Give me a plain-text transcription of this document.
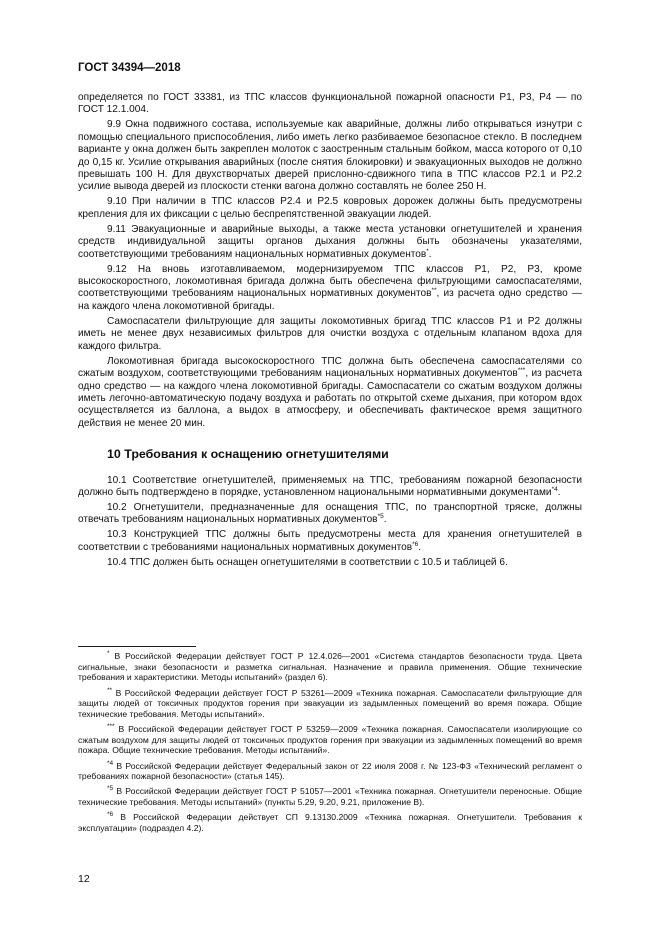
ГОСТ 34394—2018

определяется по ГОСТ 33381, из ТПС классов функциональной пожарной опасности Р1, Р3, Р4 — по ГОСТ 12.1.004.

9.9 Окна подвижного состава, используемые как аварийные, должны либо открываться изнутри с помощью специального приспособления, либо иметь легко разбиваемое безопасное стекло. В последнем варианте у окна должен быть закреплен молоток с заостренным стальным бойком, масса которого от 0,10 до 0,15 кг. Усилие открывания аварийных (после снятия блокировки) и эвакуационных выходов не должно превышать 100 Н. Для двухстворчатых дверей прислонно-сдвижного типа в ТПС классов Р2.1 и Р2.2 усилие вывода дверей из плоскости стенки вагона должно составлять не более 250 Н.

9.10 При наличии в ТПС классов Р2.4 и Р2.5 ковровых дорожек должны быть предусмотрены крепления для их фиксации с целью беспрепятственной эвакуации людей.

9.11 Эвакуационные и аварийные выходы, а также места установки огнетушителей и хранения средств индивидуальной защиты органов дыхания должны быть обозначены указателями, соответствующими требованиям национальных нормативных документов*.

9.12 На вновь изготавливаемом, модернизируемом ТПС классов Р1, Р2, Р3, кроме высокоскоростного, локомотивная бригада должна быть обеспечена фильтрующими самоспасателями, соответствующими требованиям национальных нормативных документов**, из расчета одно средство — на каждого члена локомотивной бригады.

Самоспасатели фильтрующие для защиты локомотивных бригад ТПС классов Р1 и Р2 должны иметь не менее двух независимых фильтров для очистки воздуха с отдельным клапаном вдоха для каждого фильтра.

Локомотивная бригада высокоскоростного ТПС должна быть обеспечена самоспасателями со сжатым воздухом, соответствующими требованиям национальных нормативных документов***, из расчета одно средство — на каждого члена локомотивной бригады. Самоспасатели со сжатым воздухом должны иметь легочно-автоматическую подачу воздуха и работать по открытой схеме дыхания, при котором вдох осуществляется из баллона, а выдох в атмосферу, и обеспечивать фактическое время защитного действия не менее 20 мин.

10 Требования к оснащению огнетушителями

10.1 Соответствие огнетушителей, применяемых на ТПС, требованиям пожарной безопасности должно быть подтверждено в порядке, установленном национальными нормативными документами$^{*4}$.

10.2 Огнетушители, предназначенные для оснащения ТПС, по транспортной тряске, должны отвечать требованиям национальных нормативных документов$^{*5}$.

10.3 Конструкцией ТПС должны быть предусмотрены места для хранения огнетушителей в соответствии с требованиями национальных нормативных документов$^{*6}$.

10.4 ТПС должен быть оснащен огнетушителями в соответствии с 10.5 и таблицей 6.

* В Российской Федерации действует ГОСТ Р 12.4.026—2001 «Система стандартов безопасности труда. Цвета сигнальные, знаки безопасности и разметка сигнальная. Назначение и правила применения. Общие технические требования и характеристики. Методы испытаний» (раздел 6).

** В Российской Федерации действует ГОСТ Р 53261—2009 «Техника пожарная. Самоспасатели фильтрующие для защиты людей от токсичных продуктов горения при эвакуации из задымленных помещений во время пожара. Общие технические требования. Методы испытаний».

*** В Российской Федерации действует ГОСТ Р 53259—2009 «Техника пожарная. Самоспасатели изолирующие со сжатым воздухом для защиты людей от токсичных продуктов горения при эвакуации из задымленных помещений во время пожара. Общие технические требования. Методы испытаний».

$^{*4}$ В Российской Федерации действует Федеральный закон от 22 июля 2008 г. № 123-ФЗ «Технический регламент о требованиях пожарной безопасности» (статья 145).

$^{*5}$ В Российской Федерации действует ГОСТ Р 51057—2001 «Техника пожарная. Огнетушители переносные. Общие технические требования. Методы испытаний» (пункты 5.29, 9.20, 9.21, приложение В).

$^{*6}$ В Российской Федерации действует СП 9.13130.2009 «Техника пожарная. Огнетушители. Требования к эксплуатации» (подраздел 4.2).

12
